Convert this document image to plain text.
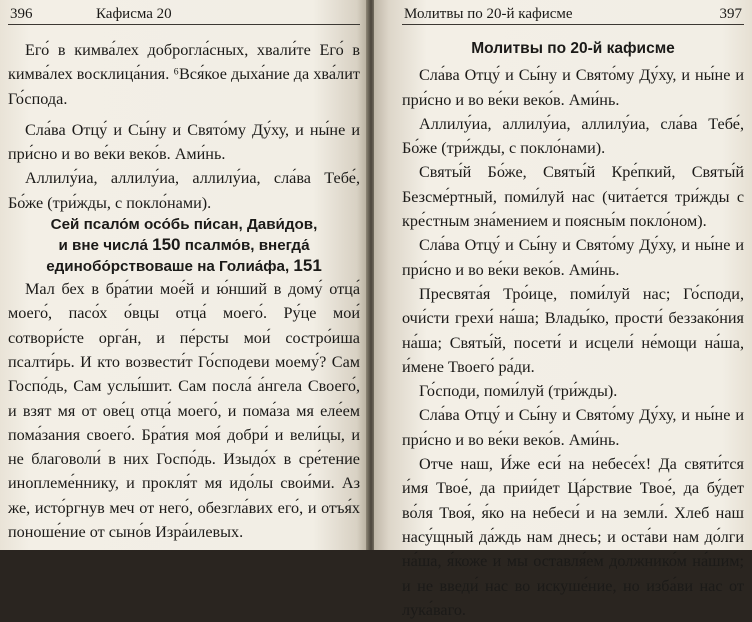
396	Кафисма 20

Его́ в кимва́лех доброгла́сных, хвали́те Его́ в кимва́лех восклица́ния. ⁶Вся́кое дыха́ние да хва́лит Го́спода.

Сла́ва Отцу́ и Сы́ну и Свято́му Ду́ху, и ны́не и при́сно и во ве́ки веко́в. Ами́нь.

Аллилу́иа, аллилу́иа, аллилу́иа, сла́ва Тебе́, Бо́же (три́жды, с покло́нами).

Сей псало́м осо́бь пи́сан, Дави́дов,
и вне числа́ 150 псалмо́в, внегда́
единобо́рствоваше на Голиа́фа, 151

Мал бех в бра́тии мое́й и ю́нший в дому́ отца́ моего́, пасо́х о́вцы отца́ моего́. Ру́це мои́ сотвори́сте орга́н, и пе́рсты мои́ состро́иша псалти́рь. И кто возвести́т Го́сподеви моему́? Сам Госпо́дь, Сам услы́шит. Сам посла́ а́нгела Своего́, и взят мя от ове́ц отца́ моего́, и пома́за мя еле́ем пома́зания своего́. Бра́тия моя́ добри́ и вели́цы, и не благоволи́ в них Госпо́дь. Изыдо́х в сре́тение иноплеме́ннику, и прокля́т мя идо́лы свои́ми. Аз же, исто́ргнув меч от него́, обезгла́вих его́, и отъя́х поноше́ние от сыно́в Изра́илевых.

Молитвы по 20-й кафисме	397
Молитвы по 20-й кафисме

Сла́ва Отцу́ и Сы́ну и Свято́му Ду́ху, и ны́не и при́сно и во ве́ки веко́в. Ами́нь.

Аллилу́иа, аллилу́иа, аллилу́иа, сла́ва Тебе́, Бо́же (три́жды, с покло́нами).

Святы́й Бо́же, Святы́й Кре́пкий, Святы́й Безсме́ртный, поми́луй нас (чита́ется три́жды с кре́стным зна́мением и поясны́м покло́ном).

Сла́ва Отцу́ и Сы́ну и Свято́му Ду́ху, и ны́не и при́сно и во ве́ки веко́в. Ами́нь.

Пресвята́я Тро́ице, поми́луй нас; Го́споди, очи́сти грехи́ на́ша; Влады́ко, прости́ беззако́ния на́ша; Святы́й, посети́ и исцели́ не́мощи на́ша, и́мене Твоего́ ра́ди.

Го́споди, поми́луй (три́жды).

Сла́ва Отцу́ и Сы́ну и Свято́му Ду́ху, и ны́не и при́сно и во ве́ки веко́в. Ами́нь.

Отче наш, И́же еси́ на небесе́х! Да святи́тся и́мя Твое́, да прии́дет Ца́рствие Твое́, да бу́дет во́ля Твоя́, я́ко на небеси́ и на земли́. Хлеб наш насу́щный да́ждь нам днесь; и оста́ви нам до́лги на́ша, я́коже и мы оставля́ем должнико́м на́шим; и не введи́ нас во искуше́ние, но изба́ви нас от лука́ваго.
